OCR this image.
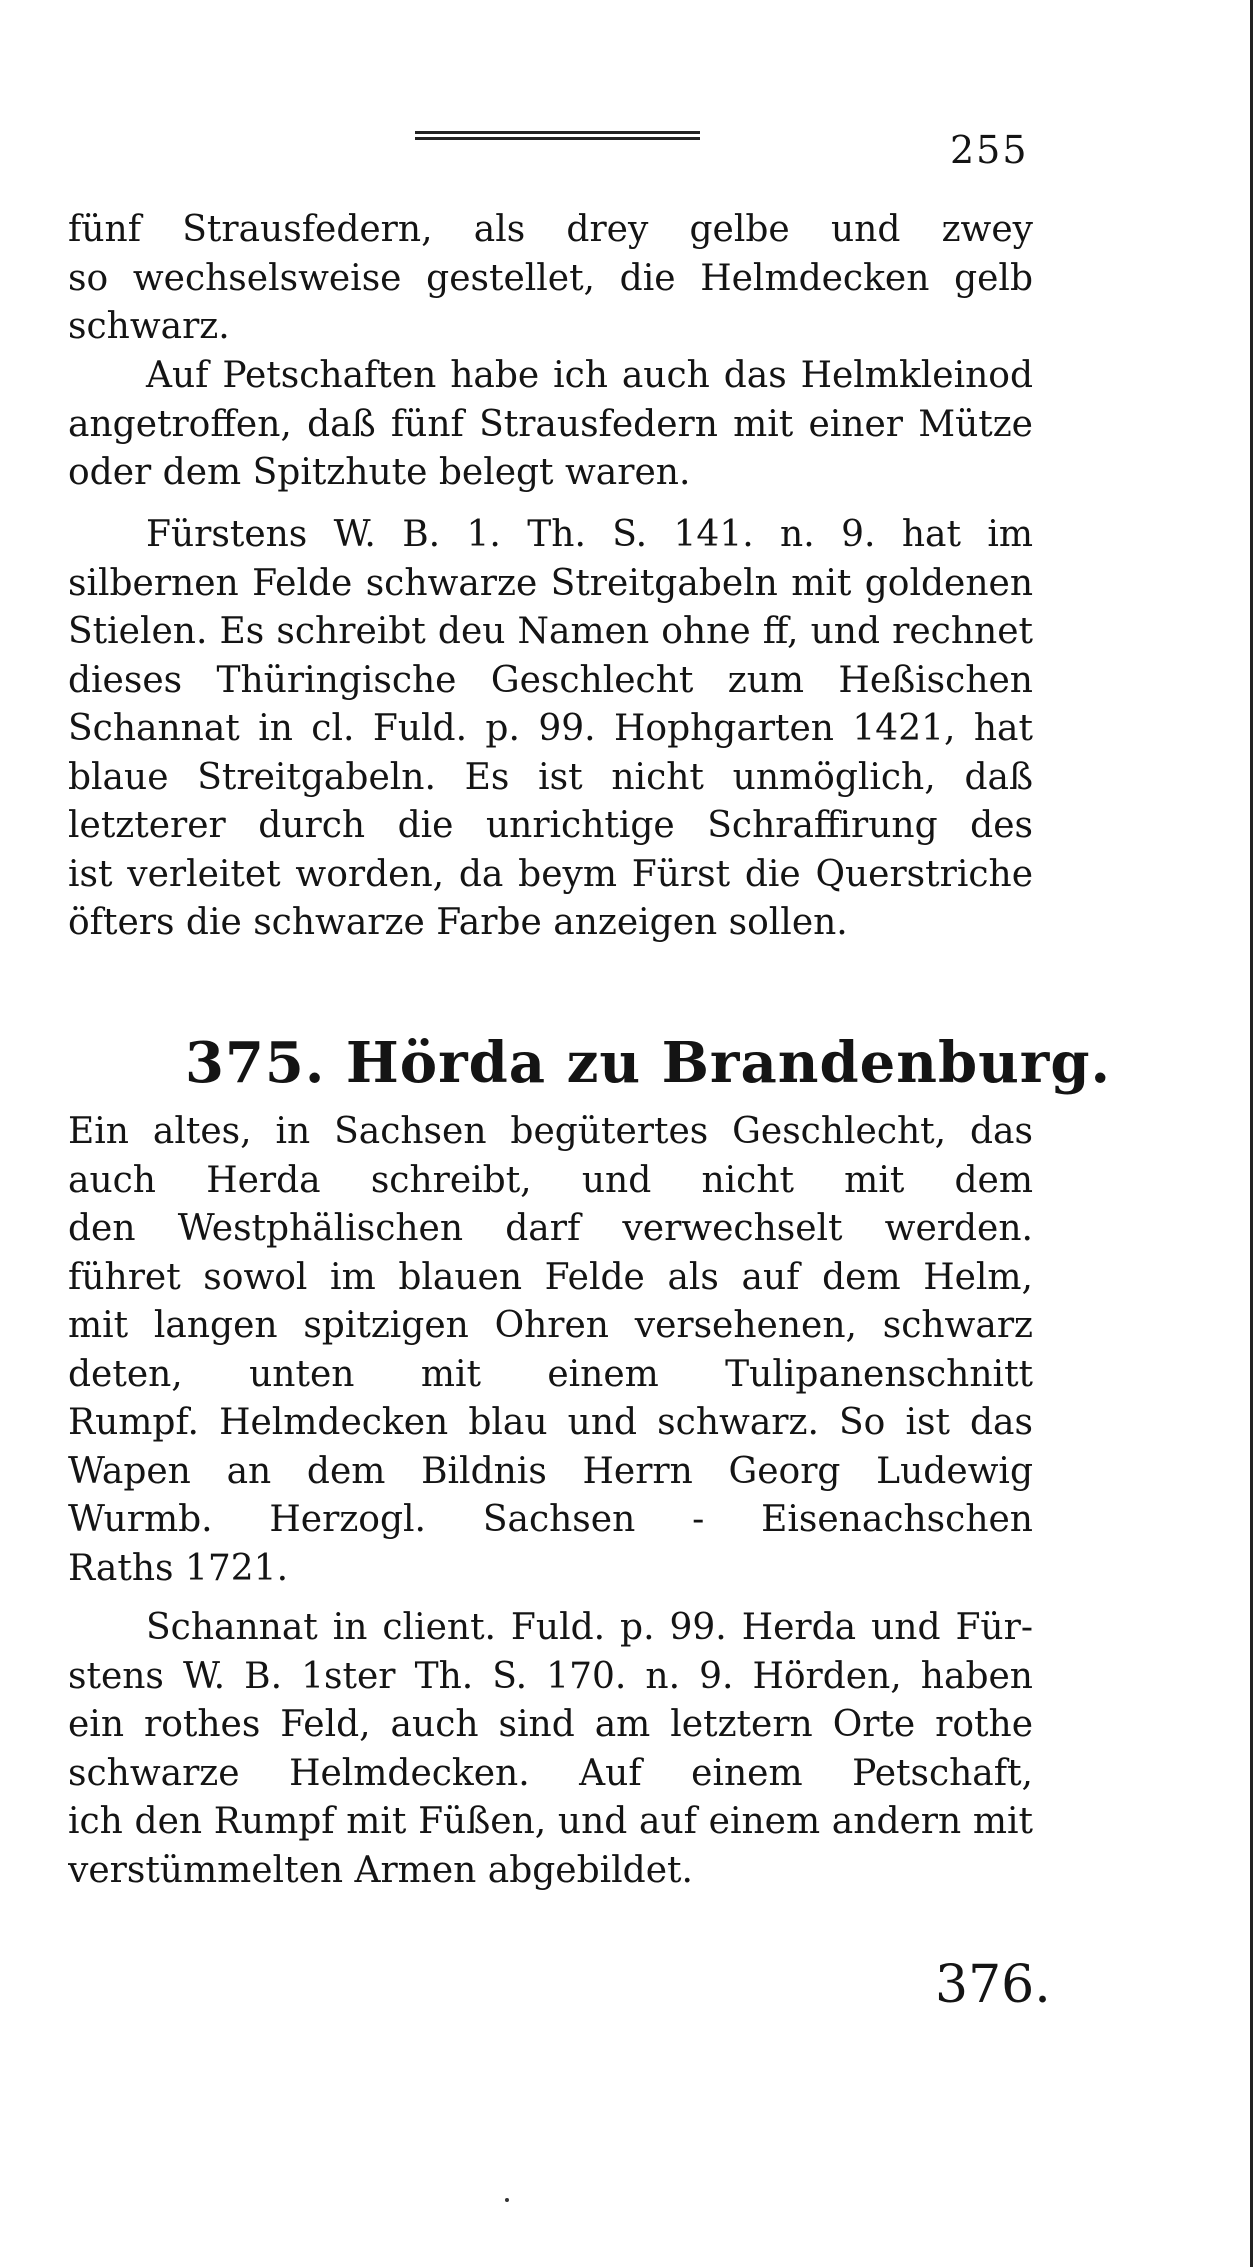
255
fünf Strausfedern, als drey gelbe und zwey
so wechselsweise gestellet, die Helmdecken gelb
schwarz.
Auf Petschaften habe ich auch das Helmkleinod
angetroffen, daß fünf Strausfedern mit einer Mütze
oder dem Spitzhute belegt waren.
Fürstens W. B. 1. Th. S. 141. n. 9. hat im
silbernen Felde schwarze Streitgabeln mit goldenen
Stielen. Es schreibt deu Namen ohne ff, und rechnet
dieses Thüringische Geschlecht zum Heßischen
Schannat in cl. Fuld. p. 99. Hophgarten 1421, hat
blaue Streitgabeln. Es ist nicht unmöglich, daß
letzterer durch die unrichtige Schraffirung des
ist verleitet worden, da beym Fürst die Querstriche
öfters die schwarze Farbe anzeigen sollen.
375. Hörda zu Brandenburg.
Ein altes, in Sachsen begütertes Geschlecht, das
auch Herda schreibt, und nicht mit dem
den Westphälischen darf verwechselt werden.
führet sowol im blauen Felde als auf dem Helm,
mit langen spitzigen Ohren versehenen, schwarz
deten, unten mit einem Tulipanenschnitt
Rumpf. Helmdecken blau und schwarz. So ist das
Wapen an dem Bildnis Herrn Georg Ludewig
Wurmb. Herzogl. Sachsen - Eisenachschen
Raths 1721.
Schannat in client. Fuld. p. 99. Herda und Für-
stens W. B. 1ster Th. S. 170. n. 9. Hörden, haben
ein rothes Feld, auch sind am letztern Orte rothe
schwarze Helmdecken. Auf einem Petschaft,
ich den Rumpf mit Füßen, und auf einem andern mit
verstümmelten Armen abgebildet.
376.
